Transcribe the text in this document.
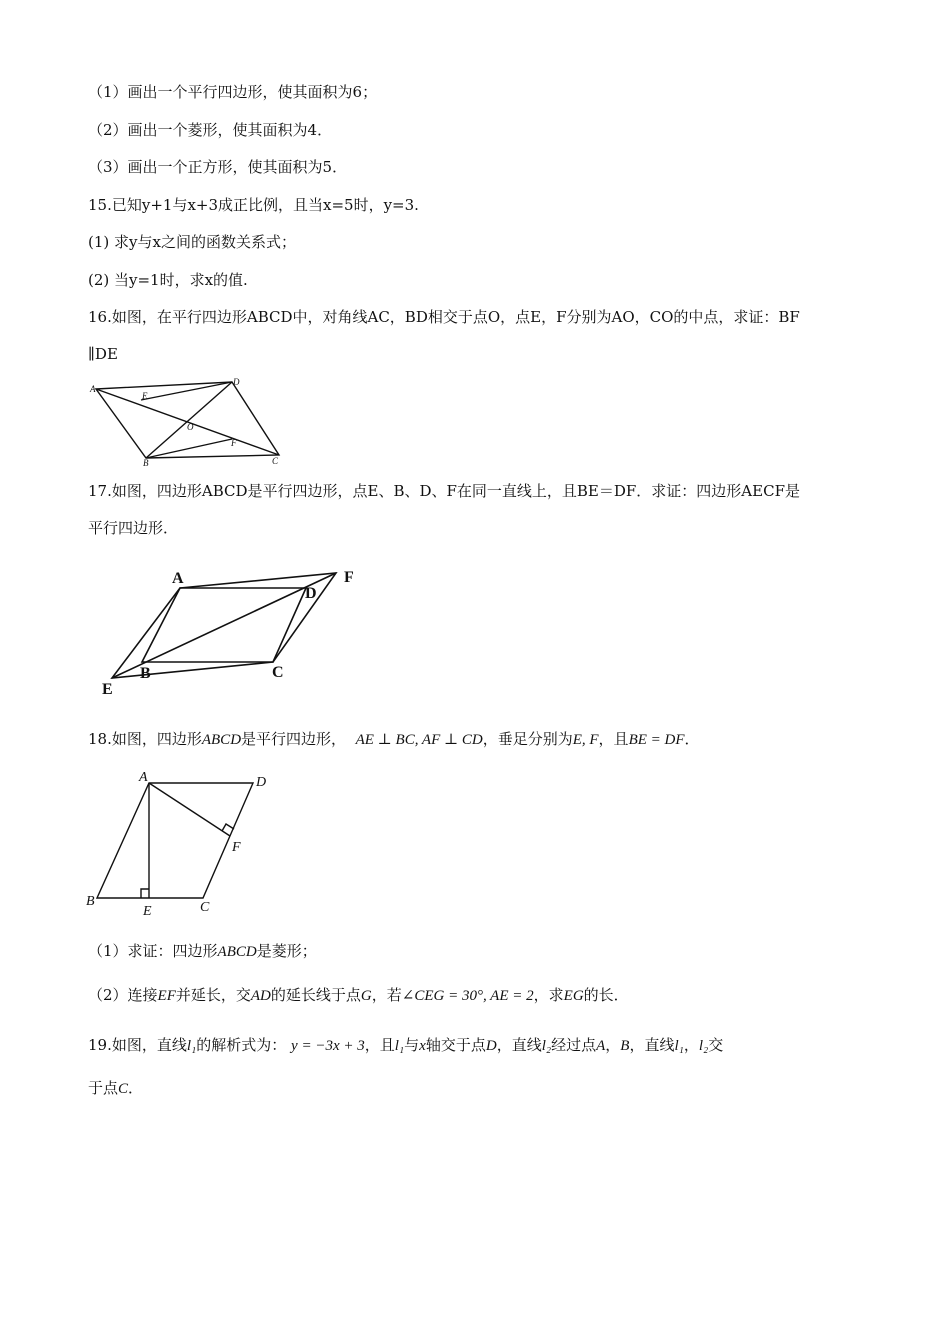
（1）画出一个平行四边形，使其面积为6；
（2）画出一个菱形，使其面积为4．
（3）画出一个正方形，使其面积为5．
15.已知y+1与x+3成正比例，且当x=5时，y=3.
(1) 求y与x之间的函数关系式；
(2) 当y=1时，求x的值.
16.如图，在平行四边形ABCD中，对角线AC，BD相交于点O，点E，F分别为AO，CO的中点，求证：BF
∥DE
A
D
B	C
E
F
O
17.如图，四边形ABCD是平行四边形，点E、B、D、F在同一直线上，且BE＝DF．求证：四边形AECF是
平行四边形．
A
D
F
B	C
E
18.如图，四边形ABCD是平行四边形， AE ⊥ BC, AF ⊥ CD，垂足分别为E, F，且BE = DF．
A	D
F
B
E	C
（1）求证：四边形ABCD是菱形；
（2）连接EF并延长，交AD的延长线于点G，若∠CEG = 30°, AE = 2，求EG的长．
19.如图，直线l₁的解析式为： y = −3x + 3，且l₁与x轴交于点D，直线l₂经过点A，B，直线l₁，l₂交
于点C．
